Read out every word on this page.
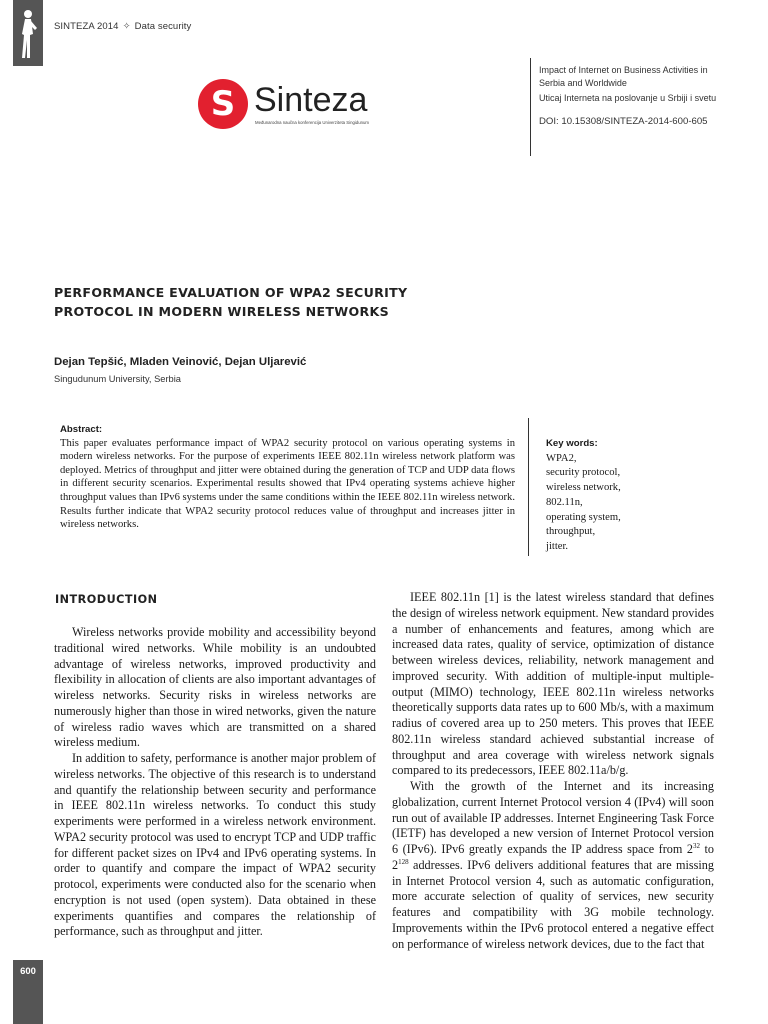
SINTEZA 2014 ✧ Data security
S Sinteza
Međunarodna naučna konferencija Univerziteta Singidunum

Impact of Internet on Business Activities in Serbia and Worldwide

Uticaj Interneta na poslovanje u Srbiji i svetu

DOI: 10.15308/SINTEZA-2014-600-605

PERFORMANCE EVALUATION OF WPA2 SECURITY
PROTOCOL IN MODERN WIRELESS NETWORKS
Dejan Tepšić, Mladen Veinović, Dejan Uljarević
Singudunum University, Serbia
Abstract:
This paper evaluates performance impact of WPA2 security protocol on various operating systems in modern wireless networks. For the purpose of experiments IEEE 802.11n wireless network platform was deployed. Metrics of throughput and jitter were obtained during the generation of TCP and UDP data flows in different security scenarios. Experimental results showed that IPv4 operating systems achieve higher throughput values than IPv6 systems under the same conditions within the IEEE 802.11n wireless network. Results further indicate that WPA2 security protocol reduces value of throughput and increases jitter in wireless networks.
Key words:
WPA2,
security protocol,
wireless network,
802.11n,
operating system,
throughput,
jitter.
INTRODUCTION

Wireless networks provide mobility and accessibility beyond traditional wired networks. While mobility is an undoubted advantage of wireless networks, improved productivity and flexibility in allocation of clients are also important advantages of wireless networks. Security risks in wireless networks are numerously higher than those in wired networks, given the nature of wireless radio waves which are transmitted on a shared wireless medium.

In addition to safety, performance is another major problem of wireless networks. The objective of this research is to understand and quantify the relationship between security and performance in IEEE 802.11n wireless networks. To conduct this study experiments were performed in a wireless network environment. WPA2 security protocol was used to encrypt TCP and UDP traffic for different packet sizes on IPv4 and IPv6 operating systems. In order to quantify and compare the impact of WPA2 security protocol, experiments were conducted also for the scenario when encryption is not used (open system). Data obtained in these experiments quantifies and compares the relationship of performance, such as throughput and jitter.

IEEE 802.11n [1] is the latest wireless standard that defines the design of wireless network equipment. New standard provides a number of enhancements and features, among which are increased data rates, quality of service, optimization of distance between wireless devices, reliability, network management and improved security. With addition of multiple-input multiple-output (MIMO) technology, IEEE 802.11n wireless networks theoretically supports data rates up to 600 Mb/s, with a maximum radius of covered area up to 250 meters. This proves that IEEE 802.11n wireless standard achieved substantial increase of throughput and area coverage with wireless network signals compared to its predecessors, IEEE 802.11a/b/g.

With the growth of the Internet and its increasing globalization, current Internet Protocol version 4 (IPv4) will soon run out of available IP addresses. Internet Engineering Task Force (IETF) has developed a new version of Internet Protocol version 6 (IPv6). IPv6 greatly expands the IP address space from $2^{32}$ to $2^{128}$ addresses. IPv6 delivers additional features that are missing in Internet Protocol version 4, such as automatic configuration, more accurate selection of quality of services, new security features and compatibility with 3G mobile technology. Improvements within the IPv6 protocol entered a negative effect on performance of wireless network devices, due to the fact that

600
